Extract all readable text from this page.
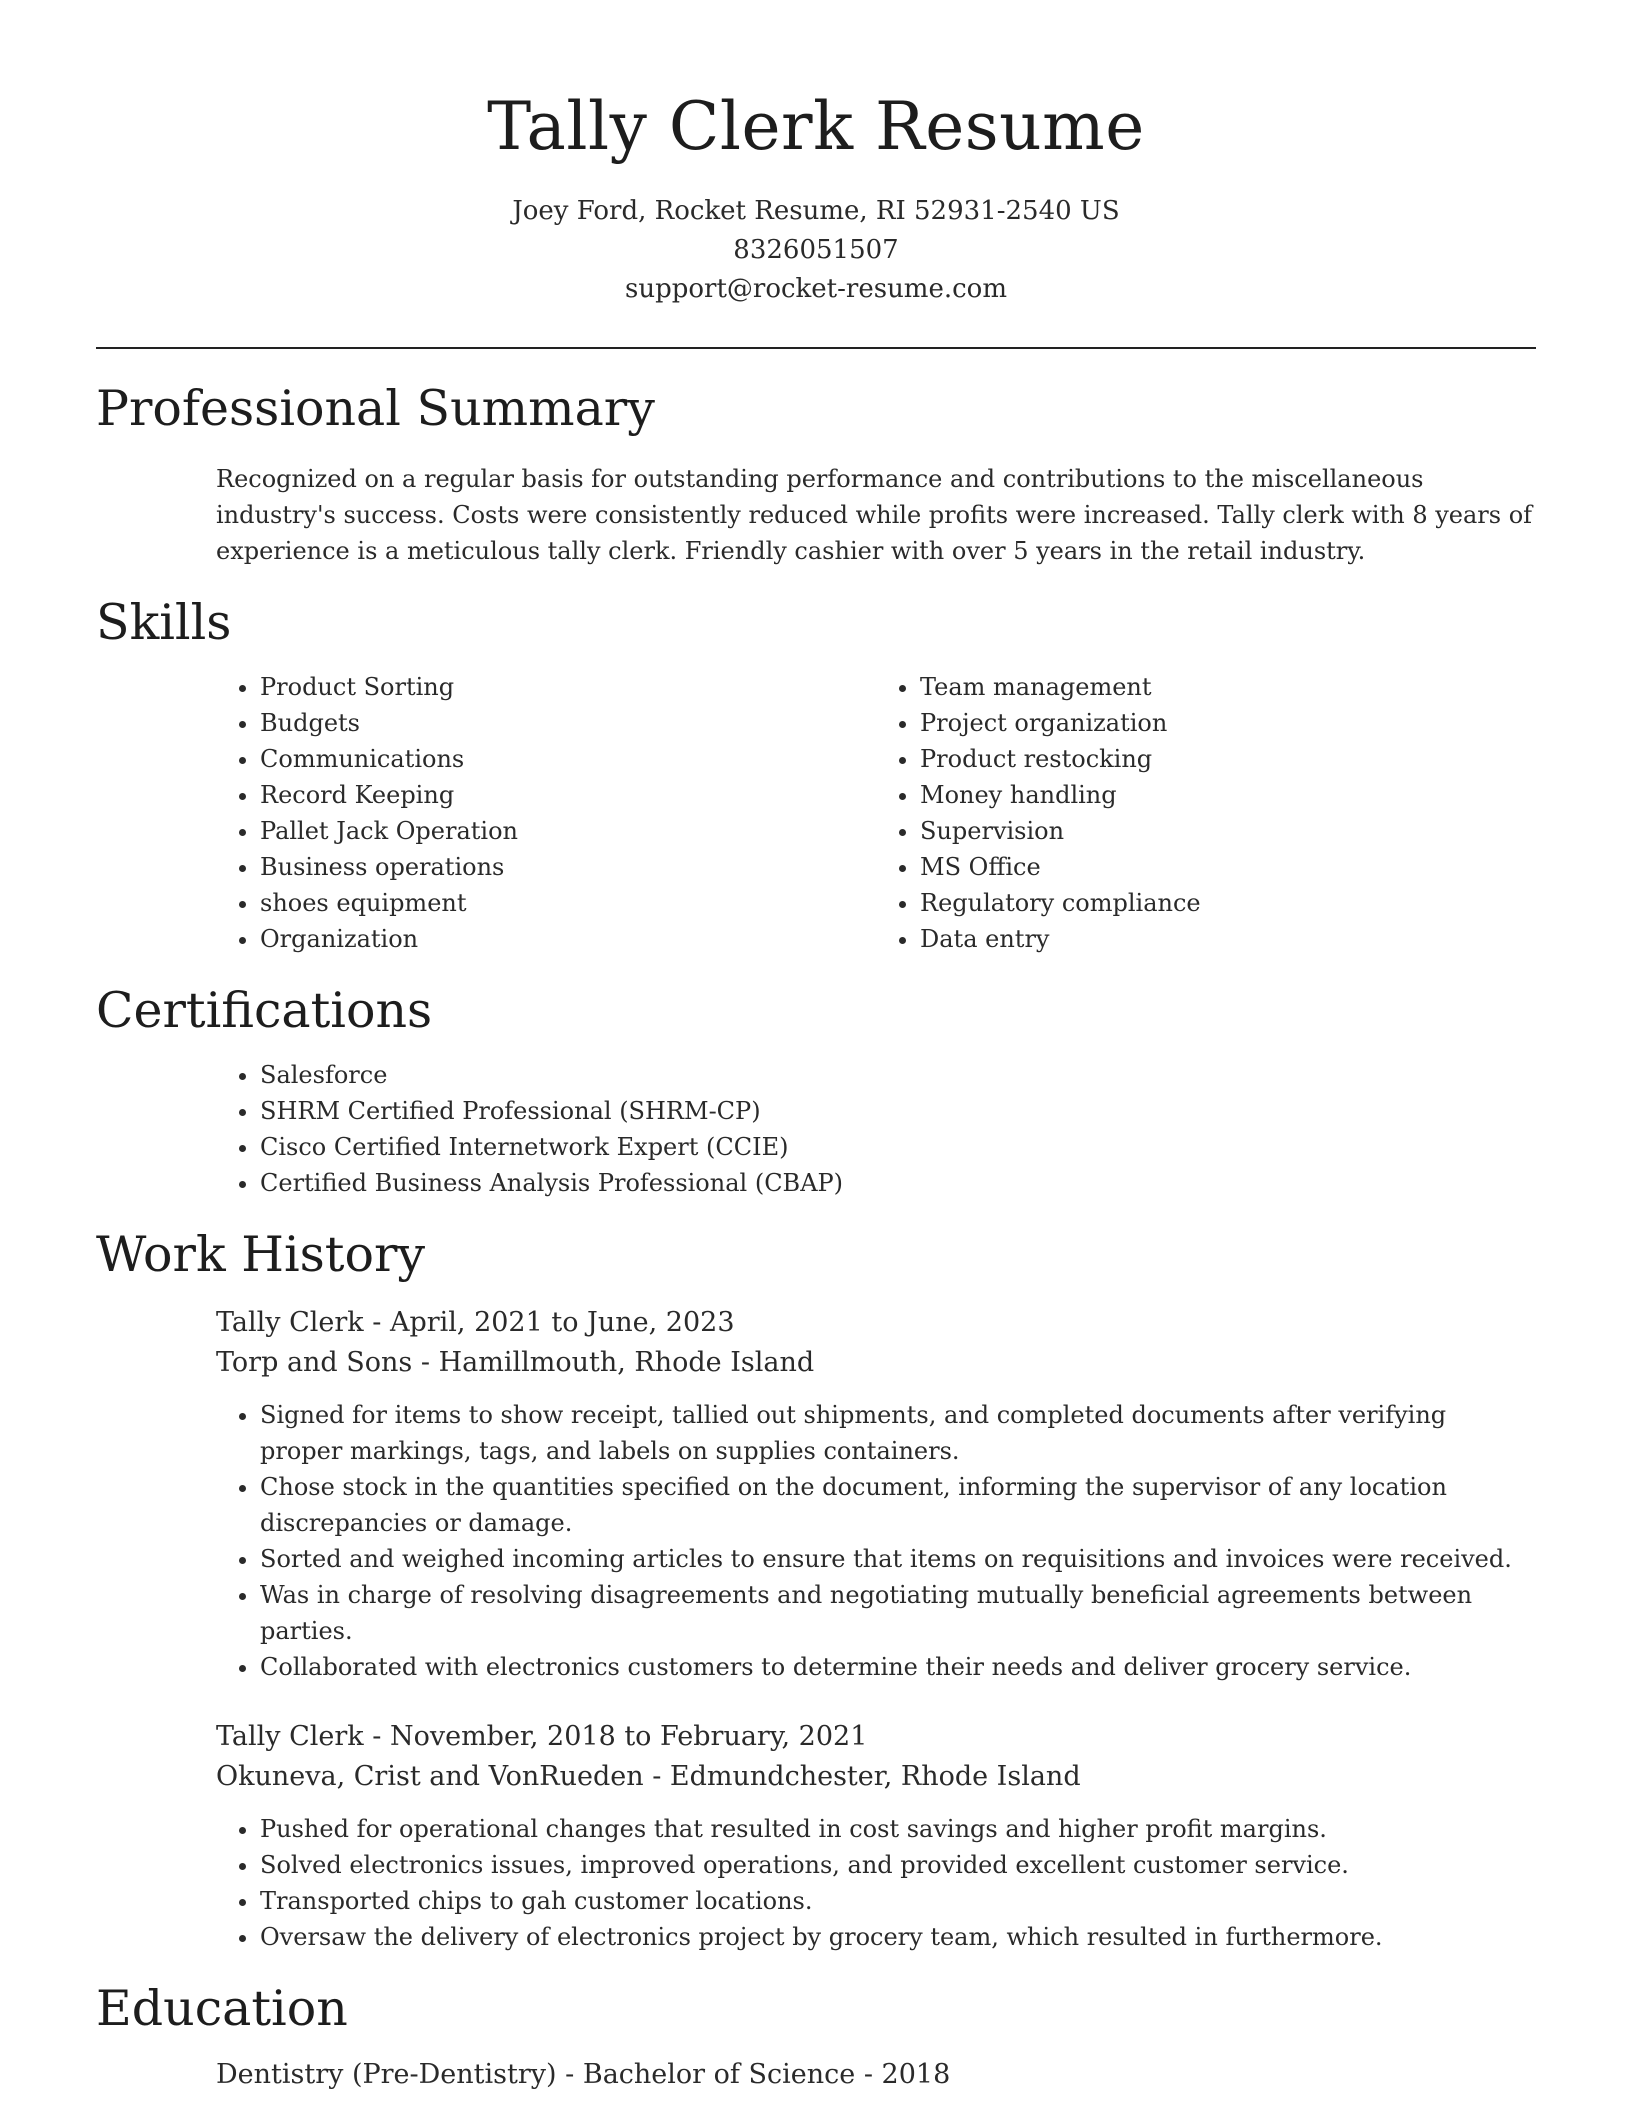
Tally Clerk Resume
Joey Ford, Rocket Resume, RI 52931-2540 US
8326051507
support@rocket-resume.com
Professional Summary
Recognized on a regular basis for outstanding performance and contributions to the miscellaneous industry's success. Costs were consistently reduced while profits were increased. Tally clerk with 8 years of experience is a meticulous tally clerk. Friendly cashier with over 5 years in the retail industry.
Skills
• Product Sorting
• Budgets
• Communications
• Record Keeping
• Pallet Jack Operation
• Business operations
• shoes equipment
• Organization
• Team management
• Project organization
• Product restocking
• Money handling
• Supervision
• MS Office
• Regulatory compliance
• Data entry
Certifications
• Salesforce
• SHRM Certified Professional (SHRM-CP)
• Cisco Certified Internetwork Expert (CCIE)
• Certified Business Analysis Professional (CBAP)
Work History
Tally Clerk - April, 2021 to June, 2023
Torp and Sons - Hamillmouth, Rhode Island
• Signed for items to show receipt, tallied out shipments, and completed documents after verifying proper markings, tags, and labels on supplies containers.
• Chose stock in the quantities specified on the document, informing the supervisor of any location discrepancies or damage.
• Sorted and weighed incoming articles to ensure that items on requisitions and invoices were received.
• Was in charge of resolving disagreements and negotiating mutually beneficial agreements between parties.
• Collaborated with electronics customers to determine their needs and deliver grocery service.
Tally Clerk - November, 2018 to February, 2021
Okuneva, Crist and VonRueden - Edmundchester, Rhode Island
• Pushed for operational changes that resulted in cost savings and higher profit margins.
• Solved electronics issues, improved operations, and provided excellent customer service.
• Transported chips to gah customer locations.
• Oversaw the delivery of electronics project by grocery team, which resulted in furthermore.
Education
Dentistry (Pre-Dentistry) - Bachelor of Science - 2018
